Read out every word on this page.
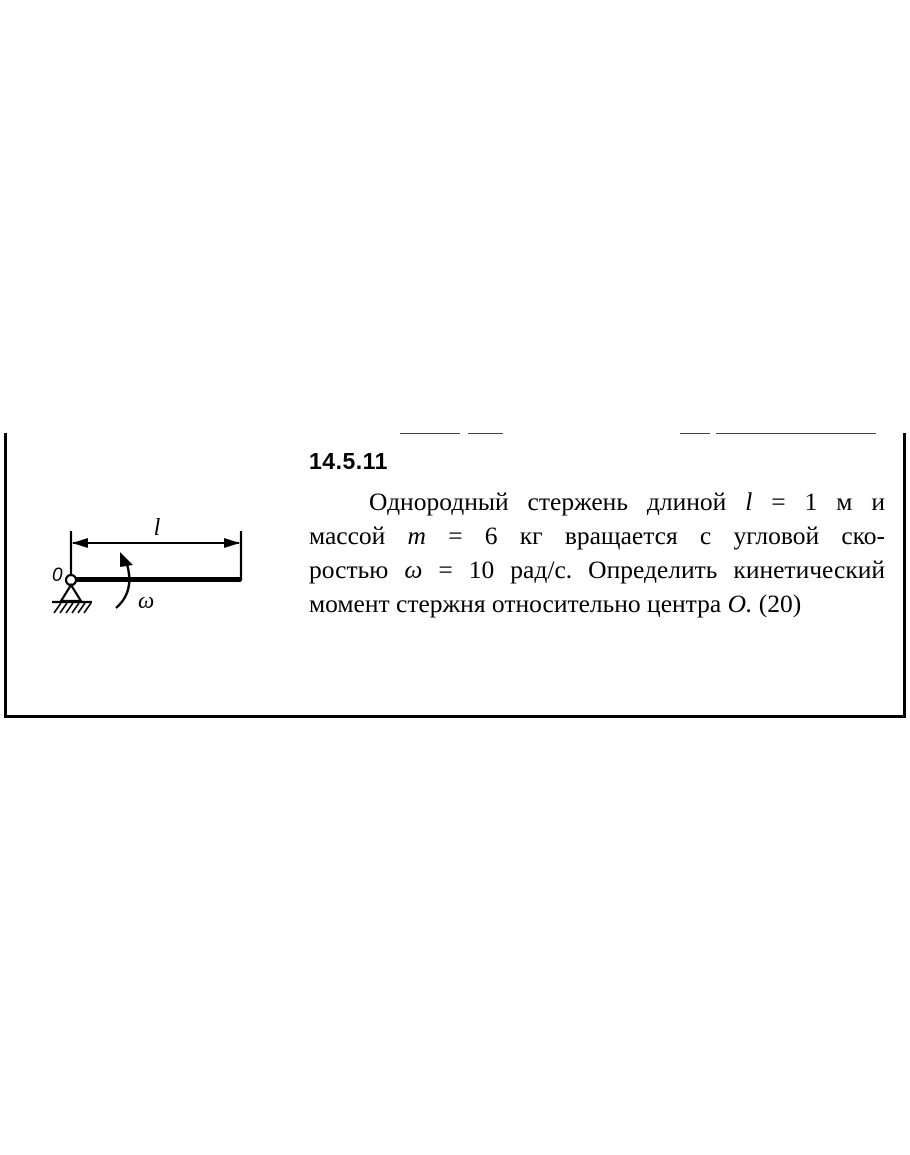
14.5.11
Однородный стержень длиной l = 1 м и
массой m = 6 кг вращается с угловой ско-
ростью ω = 10 рад/с. Определить кинетический
момент стержня относительно центра O. (20)
l
0
ω
